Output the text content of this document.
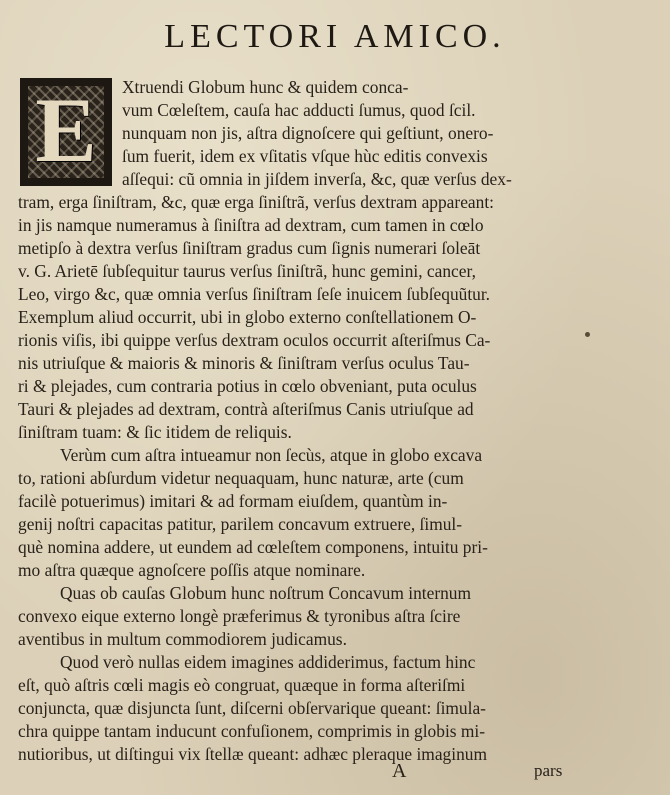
LECTORI AMICO.
E	Xtruendi Globum hunc & quidem conca-
vum Cœleſtem, cauſa hac adducti ſumus, quod ſcil.
nunquam non jis, aſtra dignoſcere qui geſtiunt, onero-
ſum fuerit, idem ex vſitatis vſque hùc editis convexis
aſſequi: cũ omnia in jiſdem inverſa, &c, quæ verſus dex-
tram, erga ſiniſtram, &c, quæ erga ſiniſtrã, verſus dextram appareant:
in jis namque numeramus à ſiniſtra ad dextram, cum tamen in cœlo
metipſo à dextra verſus ſiniſtram gradus cum ſignis numerari ſoleāt
v. G. Arietē ſubſequitur taurus verſus ſiniſtrã, hunc gemini, cancer,
Leo, virgo &c, quæ omnia verſus ſiniſtram ſeſe inuicem ſubſequũtur.
Exemplum aliud occurrit, ubi in globo externo conſtellationem O-
rionis viſis, ibi quippe verſus dextram oculos occurrit aſteriſmus Ca-
nis utriuſque & maioris & minoris & ſiniſtram verſus oculus Tau-
ri & plejades, cum contraria potius in cœlo obveniant, puta oculus
Tauri & plejades ad dextram, contrà aſteriſmus Canis utriuſque ad
ſiniſtram tuam: & ſic itidem de reliquis.
Verùm cum aſtra intueamur non ſecùs, atque in globo excava
to, rationi abſurdum videtur nequaquam, hunc naturæ, arte (cum
facilè potuerimus) imitari & ad formam eiuſdem, quantùm in-
genij noſtri capacitas patitur, parilem concavum extruere, ſimul-
què nomina addere, ut eundem ad cœleſtem componens, intuitu pri-
mo aſtra quæque agnoſcere poſſis atque nominare.
Quas ob cauſas Globum hunc noſtrum Concavum internum
convexo eique externo longè præferimus & tyronibus aſtra ſcire
aventibus in multum commodiorem judicamus.
Quod verò nullas eidem imagines addiderimus, factum hinc
eſt, quò aſtris cœli magis eò congruat, quæque in forma aſteriſmi
conjuncta, quæ disjuncta ſunt, diſcerni obſervarique queant: ſimula-
chra quippe tantam inducunt confuſionem, comprimis in globis mi-
nutioribus, ut diſtingui vix ſtellæ queant: adhæc pleraque imaginum
A	pars
